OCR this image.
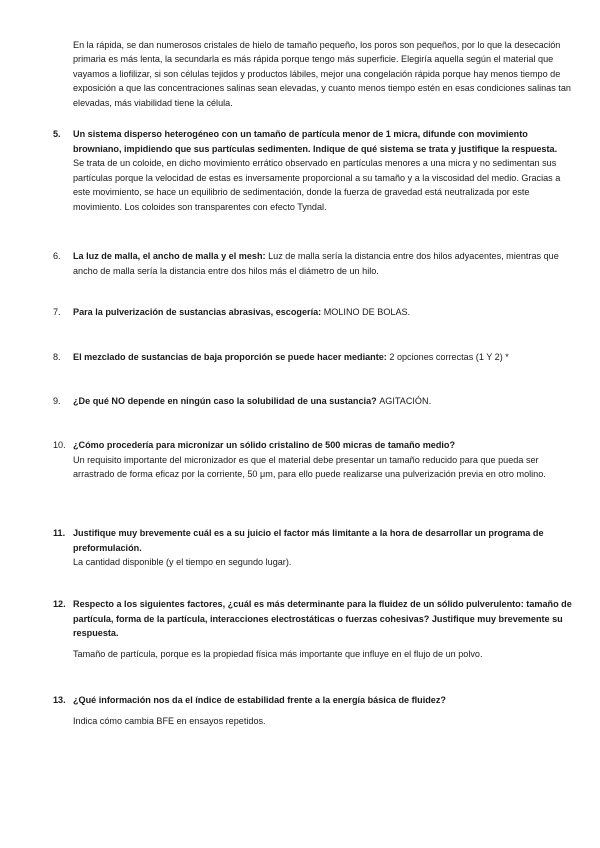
En la rápida, se dan numerosos cristales de hielo de tamaño pequeño, los poros son pequeños, por lo que la desecación primaria es más lenta, la secundarla es más rápida porque tengo más superficie. Elegiría aquella según el material que vayamos a liofilizar, si son células tejidos y productos lábiles, mejor una congelación rápida porque hay menos tiempo de exposición a que las concentraciones salinas sean elevadas, y cuanto menos tiempo estén en esas condiciones salinas tan elevadas, más viabilidad tiene la célula.
5.	Un sistema disperso heterogéneo con un tamaño de partícula menor de 1 micra, difunde con movimiento browniano, impidiendo que sus partículas sedimenten. Indique de qué sistema se trata y justifique la respuesta.
Se trata de un coloide, en dicho movimiento errático observado en partículas menores a una micra y no sedimentan sus partículas porque la velocidad de estas es inversamente proporcional a su tamaño y a la viscosidad del medio. Gracias a este movimiento, se hace un equilibrio de sedimentación, donde la fuerza de gravedad está neutralizada por este movimiento. Los coloides son transparentes con efecto Tyndal.
6.	La luz de malla, el ancho de malla y el mesh: Luz de malla sería la distancia entre dos hilos adyacentes, mientras que ancho de malla sería la distancia entre dos hilos más el diámetro de un hilo.
7.	Para la pulverización de sustancias abrasivas, escogería: MOLINO DE BOLAS.
8.	El mezclado de sustancias de baja proporción se puede hacer mediante: 2 opciones correctas (1 Y 2) *
9.	¿De qué NO depende en ningún caso la solubilidad de una sustancia? AGITACIÓN.
10. ¿Cómo procedería para micronizar un sólido cristalino de 500 micras de tamaño medio?
Un requisito importante del micronizador es que el material debe presentar un tamaño reducido para que pueda ser arrastrado de forma eficaz por la corriente, 50 μm, para ello puede realizarse una pulverización previa en otro molino.
11. Justifique muy brevemente cuál es a su juicio el factor más limitante a la hora de desarrollar un programa de preformulación.
La cantidad disponible (y el tiempo en segundo lugar).
12. Respecto a los siguientes factores, ¿cuál es más determinante para la fluidez de un sólido pulverulento: tamaño de partícula, forma de la partícula, interacciones electrostáticas o fuerzas cohesivas? Justifique muy brevemente su respuesta.
Tamaño de partícula, porque es la propiedad física más importante que influye en el flujo de un polvo.
13. ¿Qué información nos da el índice de estabilidad frente a la energía básica de fluidez?
Indica cómo cambia BFE en ensayos repetidos.
